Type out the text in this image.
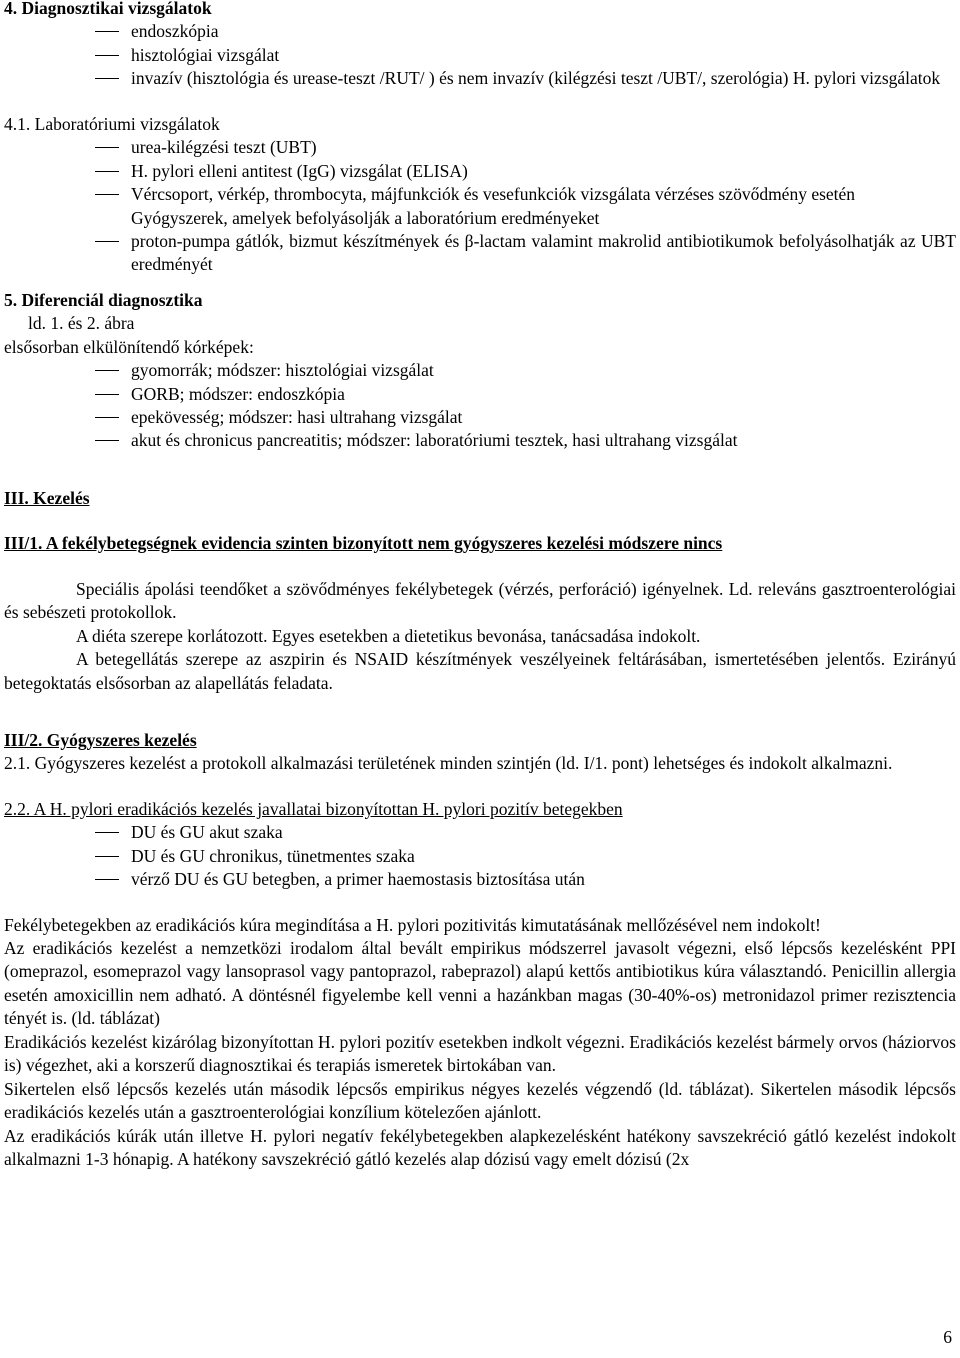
4. Diagnosztikai vizsgálatok

endoszkópia
hisztológiai vizsgálat
invazív (hisztológia és urease-teszt /RUT/ ) és nem invazív (kilégzési teszt /UBT/, szerológia) H. pylori vizsgálatok

4.1. Laboratóriumi vizsgálatok

urea-kilégzési teszt (UBT)
H. pylori elleni antitest (IgG) vizsgálat (ELISA)
Vércsoport, vérkép, thrombocyta, májfunkciók és vesefunkciók vizsgálata vérzéses szövődmény esetén

Gyógyszerek, amelyek befolyásolják a laboratórium eredményeket

proton-pumpa gátlók, bizmut készítmények és β-lactam valamint makrolid antibiotikumok befolyásolhatják az UBT eredményét

5. Diferenciál diagnosztika

ld. 1. és 2. ábra

elsősorban elkülönítendő kórképek:

gyomorrák; módszer: hisztológiai vizsgálat
GORB; módszer: endoszkópia
epekövesség; módszer: hasi ultrahang vizsgálat
akut és chronicus pancreatitis; módszer: laboratóriumi tesztek, hasi ultrahang vizsgálat

III. Kezelés

III/1. A fekélybetegségnek evidencia szinten bizonyított nem gyógyszeres kezelési módszere nincs

Speciális ápolási teendőket a szövődményes fekélybetegek (vérzés, perforáció) igényelnek. Ld. releváns gasztroenterológiai és sebészeti protokollok.

A diéta szerepe korlátozott. Egyes esetekben a dietetikus bevonása, tanácsadása indokolt.

A betegellátás szerepe az aszpirin és NSAID készítmények veszélyeinek feltárásában, ismertetésében jelentős. Ezirányú betegoktatás elsősorban az alapellátás feladata.

III/2. Gyógyszeres kezelés

2.1. Gyógyszeres kezelést a protokoll alkalmazási területének minden szintjén (ld. I/1. pont) lehetséges és indokolt alkalmazni.

2.2. A H. pylori eradikációs kezelés javallatai bizonyítottan H. pylori pozitív betegekben

DU és GU akut szaka
DU és GU chronikus, tünetmentes szaka
vérző DU és GU betegben, a primer haemostasis biztosítása után

Fekélybetegekben az eradikációs kúra megindítása a H. pylori pozitivitás kimutatásának mellőzésével nem indokolt!

Az eradikációs kezelést a nemzetközi irodalom által bevált empirikus módszerrel javasolt végezni, első lépcsős kezelésként PPI (omeprazol, esomeprazol vagy lansoprasol vagy pantoprazol, rabeprazol) alapú kettős antibiotikus kúra választandó. Penicillin allergia esetén amoxicillin nem adható. A döntésnél figyelembe kell venni a hazánkban magas (30-40%-os) metronidazol primer rezisztencia tényét is. (ld. táblázat)

Eradikációs kezelést kizárólag bizonyítottan H. pylori pozitív esetekben indkolt végezni. Eradikációs kezelést bármely orvos (háziorvos is) végezhet, aki a korszerű diagnosztikai és terapiás ismeretek birtokában van.

Sikertelen első lépcsős kezelés után második lépcsős empirikus négyes kezelés végzendő (ld. táblázat). Sikertelen második lépcsős eradikációs kezelés után a gasztroenterológiai konzílium kötelezően ajánlott.

Az eradikációs kúrák után illetve H. pylori negatív fekélybetegekben alapkezelésként hatékony savszekréció gátló kezelést indokolt alkalmazni 1-3 hónapig. A hatékony savszekréció gátló kezelés alap dózisú vagy emelt dózisú (2x

6
